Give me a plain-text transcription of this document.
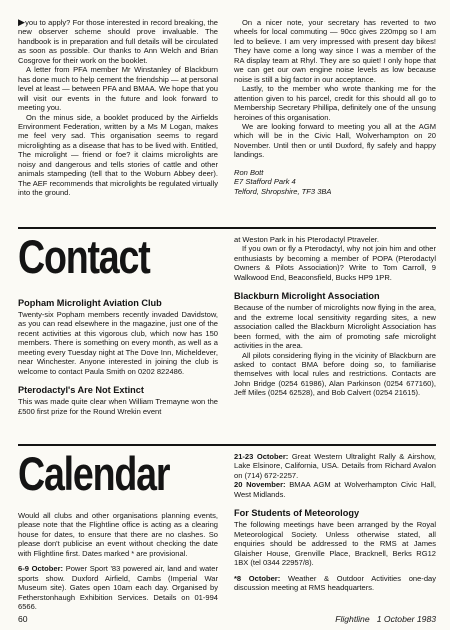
▶you to apply? For those interested in record breaking, the new observer scheme should prove invaluable. The handbook is in preparation and full details will be circulated as soon as possible. Our thanks to Ann Welch and Brian Cosgrove for their work on the booklet.

A letter from PFA member Mr Winstanley of Blackburn has done much to help cement the friendship — at personal level at least — between PFA and BMAA. We hope that you will visit our events in the future and look forward to meeting you.

On the minus side, a booklet produced by the Airfields Environment Federation, written by a Ms M Logan, makes me feel very sad. This organisation seems to regard microlighting as a disease that has to be lived with. Entitled, The microlight — friend or foe? it claims microlights are noisy and dangerous and tells stories of cattle and other animals stampeding (tell that to the Woburn Abbey deer). The AEF recommends that microlights be regulated virtually into the ground.

On a nicer note, your secretary has reverted to two wheels for local commuting — 90cc gives 220mpg so I am led to believe. I am very impressed with present day bikes! They have come a long way since I was a member of the RA display team at Rhyl. They are so quiet! I only hope that we can get our own engine noise levels as low because noise is still a big factor in our acceptance.

Lastly, to the member who wrote thanking me for the attention given to his parcel, credit for this should all go to Membership Secretary Phillipa, definitely one of the unsung heroines of this organisation.

We are looking forward to meeting you all at the AGM which will be in the Civic Hall, Wolverhampton on 20 November. Until then or until Duxford, fly safely and happy landings.

Ron Bott

E7 Stafford Park 4

Telford, Shropshire, TF3 3BA

Contact
Popham Microlight Aviation Club

Twenty-six Popham members recently invaded Davidstow, as you can read elsewhere in the magazine, just one of the recent activities at this vigorous club, which now has 150 members. There is something on every month, as well as a meeting every Tuesday night at The Dove Inn, Micheldever, near Winchester. Anyone interested in joining the club is welcome to contact Paula Smith on 0202 822486.

Pterodactyl's Are Not Extinct

This was made quite clear when William Tremayne won the £500 first prize for the Round Wrekin event

at Weston Park in his Pterodactyl Ptraveler.

If you own or fly a Pterodactyl, why not join him and other enthusiasts by becoming a member of POPA (Pterodactyl Owners & Pilots Association)? Write to Tom Carroll, 9 Walkwood End, Beaconsfield, Bucks HP9 1PR.

Blackburn Microlight Association

Because of the number of microlights now flying in the area, and the extreme local sensitivity regarding sites, a new association called the Blackburn Microlight Association has been formed, with the aim of promoting safe microlight activities in the area.

All pilots considering flying in the vicinity of Blackburn are asked to contact BMA before doing so, to familiarise themselves with local rules and restrictions. Contacts are John Bridge (0254 61986), Alan Parkinson (0254 677160), Jeff Miles (0254 62528), and Bob Calvert (0254 21615).

Calendar

Would all clubs and other organisations planning events, please note that the Flightline office is acting as a clearing house for dates, to ensure that there are no clashes. So please don't publicise an event without checking the date with Flightline first. Dates marked * are provisional.

6-9 October: Power Sport '83 powered air, land and water sports show. Duxford Airfield, Cambs (Imperial War Museum site). Gates open 10am each day. Organised by Fetherstonhaugh Exhibition Services. Details on 01-994 6566.

21-23 October: Great Western Ultralight Rally & Airshow, Lake Elsinore, California, USA. Details from Richard Avalon on (714) 672-2257.

20 November: BMAA AGM at Wolverhampton Civic Hall, West Midlands.

For Students of Meteorology

The following meetings have been arranged by the Royal Meteorological Society. Unless otherwise stated, all enquiries should be addressed to the RMS at James Glaisher House, Grenville Place, Bracknell, Berks RG12 1BX (tel 0344 22957/8).

*8 October: Weather & Outdoor Activities one-day discussion meeting at RMS headquarters.

60	Flightline   1 October 1983
